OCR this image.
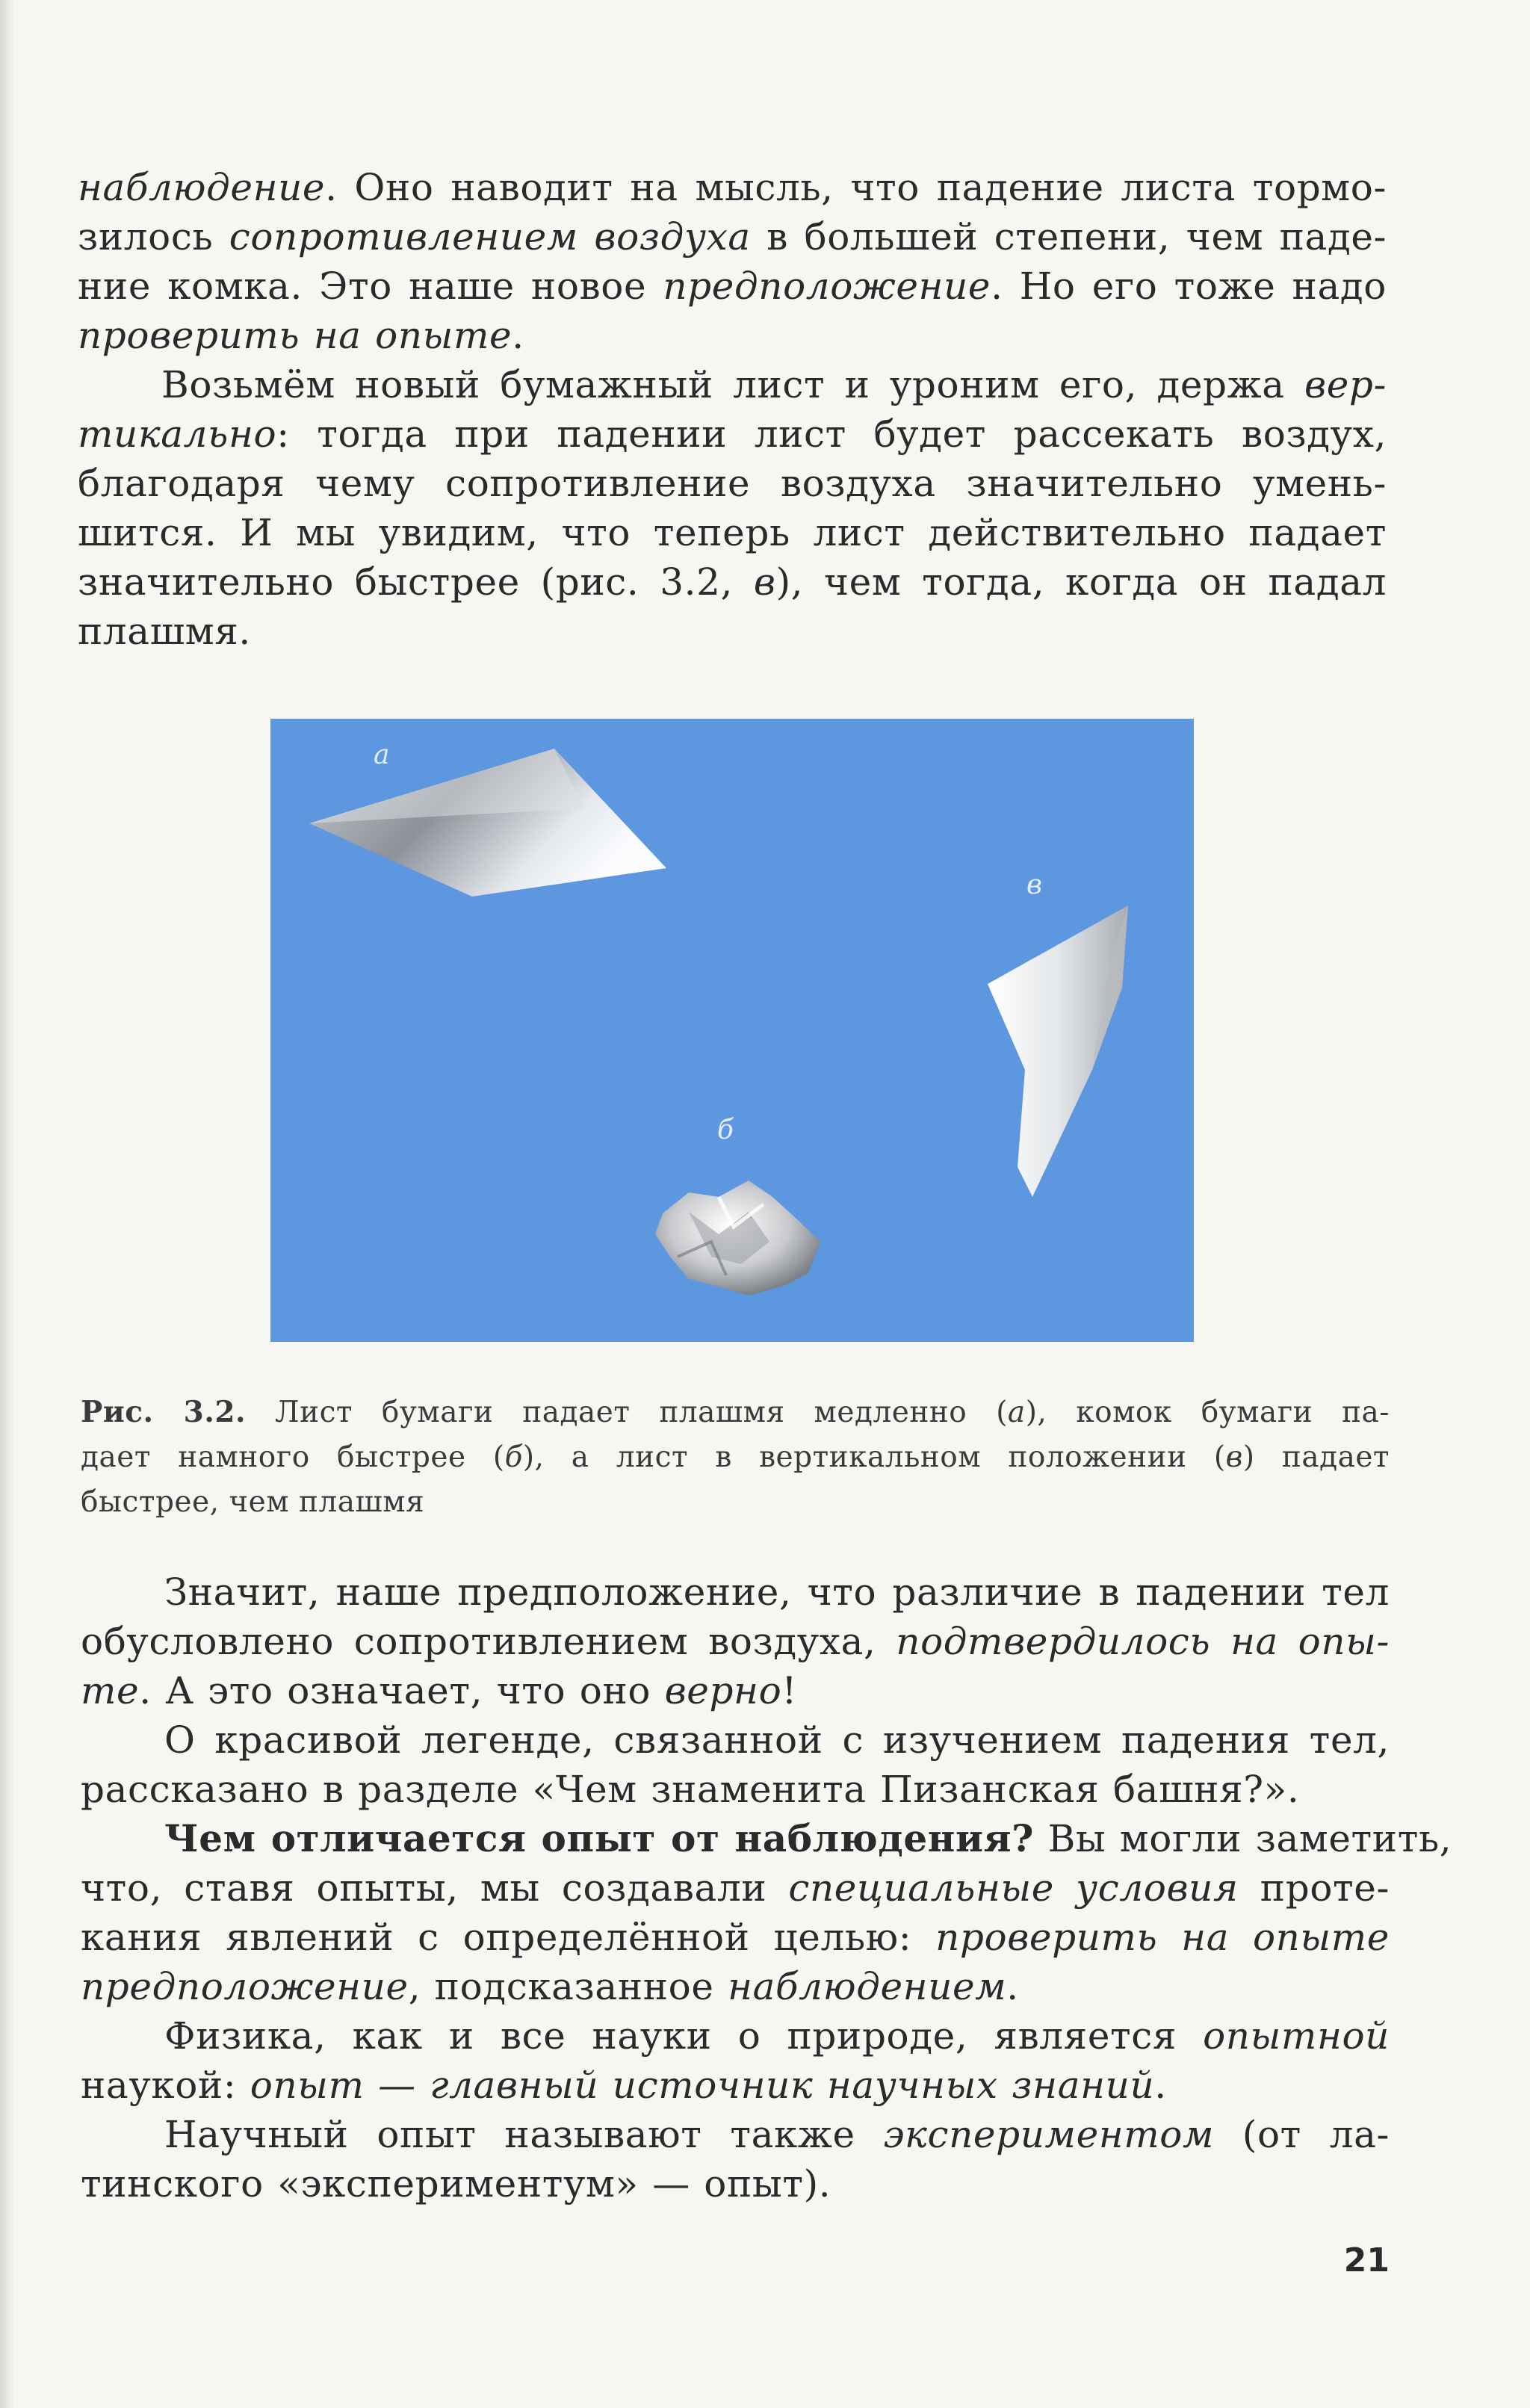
наблюдение. Оно наводит на мысль, что падение листа тормо-
зилось сопротивлением воздуха в большей степени, чем паде-
ние комка. Это наше новое предположение. Но его тоже надо
проверить на опыте.
Возьмём новый бумажный лист и уроним его, держа вер-
тикально: тогда при падении лист будет рассекать воздух,
благодаря чему сопротивление воздуха значительно умень-
шится. И мы увидим, что теперь лист действительно падает
значительно быстрее (рис. 3.2, в), чем тогда, когда он падал
плашмя.
а
б
в
Рис. 3.2. Лист бумаги падает плашмя медленно (а), комок бумаги па-
дает намного быстрее (б), а лист в вертикальном положении (в) падает
быстрее, чем плашмя
Значит, наше предположение, что различие в падении тел
обусловлено сопротивлением воздуха, подтвердилось на опы-
те. А это означает, что оно верно!
О красивой легенде, связанной с изучением падения тел,
рассказано в разделе «Чем знаменита Пизанская башня?».
Чем отличается опыт от наблюдения? Вы могли заметить,
что, ставя опыты, мы создавали специальные условия проте-
кания явлений с определённой целью: проверить на опыте
предположение, подсказанное наблюдением.
Физика, как и все науки о природе, является опытной
наукой: опыт — главный источник научных знаний.
Научный опыт называют также экспериментом (от ла-
тинского «экспериментум» — опыт).
21
